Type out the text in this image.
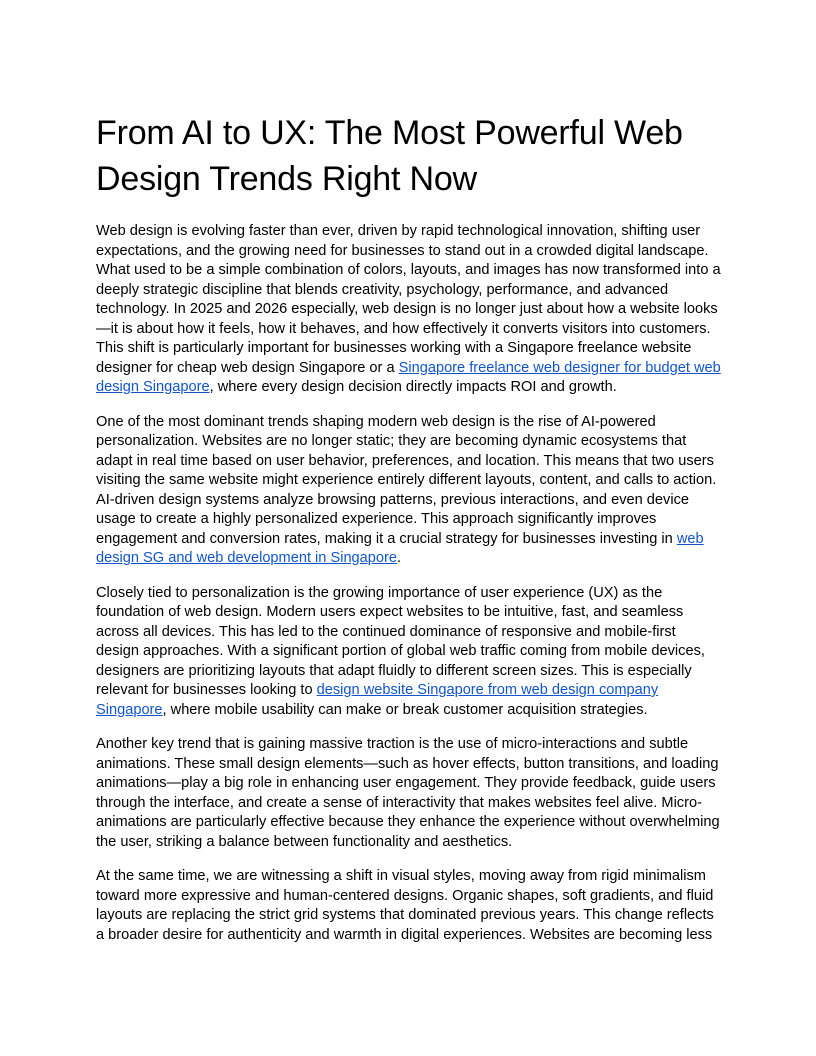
From AI to UX: The Most Powerful Web Design Trends Right Now

Web design is evolving faster than ever, driven by rapid technological innovation, shifting user expectations, and the growing need for businesses to stand out in a crowded digital landscape. What used to be a simple combination of colors, layouts, and images has now transformed into a deeply strategic discipline that blends creativity, psychology, performance, and advanced technology. In 2025 and 2026 especially, web design is no longer just about how a website looks—it is about how it feels, how it behaves, and how effectively it converts visitors into customers. This shift is particularly important for businesses working with a Singapore freelance website designer for cheap web design Singapore or a Singapore freelance web designer for budget web design Singapore, where every design decision directly impacts ROI and growth.

One of the most dominant trends shaping modern web design is the rise of AI-powered personalization. Websites are no longer static; they are becoming dynamic ecosystems that adapt in real time based on user behavior, preferences, and location. This means that two users visiting the same website might experience entirely different layouts, content, and calls to action. AI-driven design systems analyze browsing patterns, previous interactions, and even device usage to create a highly personalized experience. This approach significantly improves engagement and conversion rates, making it a crucial strategy for businesses investing in web design SG and web development in Singapore.

Closely tied to personalization is the growing importance of user experience (UX) as the foundation of web design. Modern users expect websites to be intuitive, fast, and seamless across all devices. This has led to the continued dominance of responsive and mobile-first design approaches. With a significant portion of global web traffic coming from mobile devices, designers are prioritizing layouts that adapt fluidly to different screen sizes. This is especially relevant for businesses looking to design website Singapore from web design company Singapore, where mobile usability can make or break customer acquisition strategies.

Another key trend that is gaining massive traction is the use of micro-interactions and subtle animations. These small design elements—such as hover effects, button transitions, and loading animations—play a big role in enhancing user engagement. They provide feedback, guide users through the interface, and create a sense of interactivity that makes websites feel alive. Micro-animations are particularly effective because they enhance the experience without overwhelming the user, striking a balance between functionality and aesthetics.

At the same time, we are witnessing a shift in visual styles, moving away from rigid minimalism toward more expressive and human-centered designs. Organic shapes, soft gradients, and fluid layouts are replacing the strict grid systems that dominated previous years. This change reflects a broader desire for authenticity and warmth in digital experiences. Websites are becoming less
